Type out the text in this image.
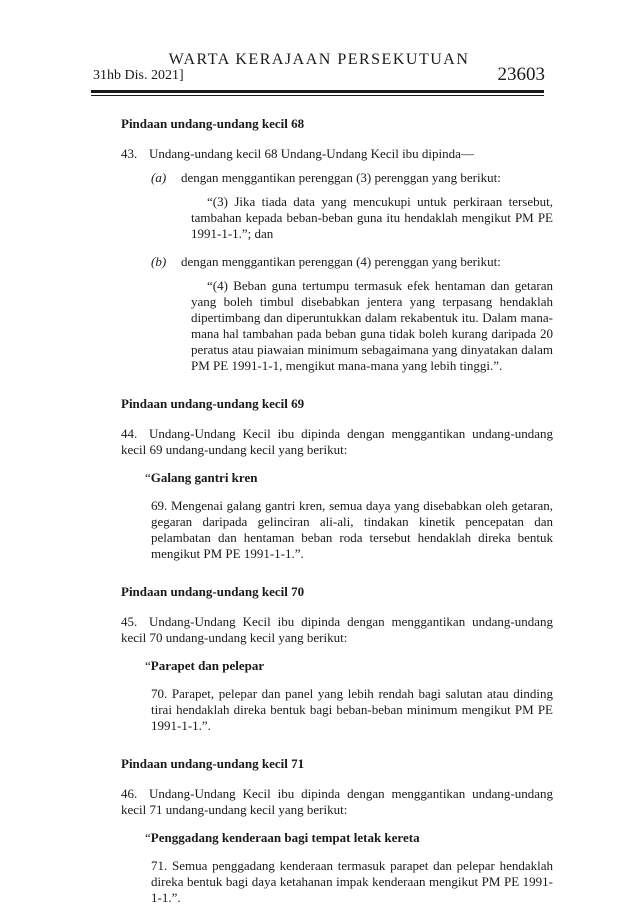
WARTA KERAJAAN PERSEKUTUAN
31hb Dis. 2021]	23603

Pindaan undang-undang kecil 68

43. Undang-undang kecil 68 Undang-Undang Kecil ibu dipinda—

(a) dengan menggantikan perenggan (3) perenggan yang berikut:

“(3) Jika tiada data yang mencukupi untuk perkiraan tersebut, tambahan kepada beban-beban guna itu hendaklah mengikut PM PE 1991-1-1.”; dan

(b) dengan menggantikan perenggan (4) perenggan yang berikut:

“(4) Beban guna tertumpu termasuk efek hentaman dan getaran yang boleh timbul disebabkan jentera yang terpasang hendaklah dipertimbang dan diperuntukkan dalam rekabentuk itu. Dalam mana-mana hal tambahan pada beban guna tidak boleh kurang daripada 20 peratus atau piawaian minimum sebagaimana yang dinyatakan dalam PM PE 1991-1-1, mengikut mana-mana yang lebih tinggi.”.

Pindaan undang-undang kecil 69

44. Undang-Undang Kecil ibu dipinda dengan menggantikan undang-undang kecil 69 undang-undang kecil yang berikut:

“Galang gantri kren

69. Mengenai galang gantri kren, semua daya yang disebabkan oleh getaran, gegaran daripada gelinciran ali-ali, tindakan kinetik pencepatan dan pelambatan dan hentaman beban roda tersebut hendaklah direka bentuk mengikut PM PE 1991-1-1.”.

Pindaan undang-undang kecil 70

45. Undang-Undang Kecil ibu dipinda dengan menggantikan undang-undang kecil 70 undang-undang kecil yang berikut:

“Parapet dan pelepar

70. Parapet, pelepar dan panel yang lebih rendah bagi salutan atau dinding tirai hendaklah direka bentuk bagi beban-beban minimum mengikut PM PE 1991-1-1.”.

Pindaan undang-undang kecil 71

46. Undang-Undang Kecil ibu dipinda dengan menggantikan undang-undang kecil 71 undang-undang kecil yang berikut:

“Penggadang kenderaan bagi tempat letak kereta

71. Semua penggadang kenderaan termasuk parapet dan pelepar hendaklah direka bentuk bagi daya ketahanan impak kenderaan mengikut PM PE 1991-1-1.”.
